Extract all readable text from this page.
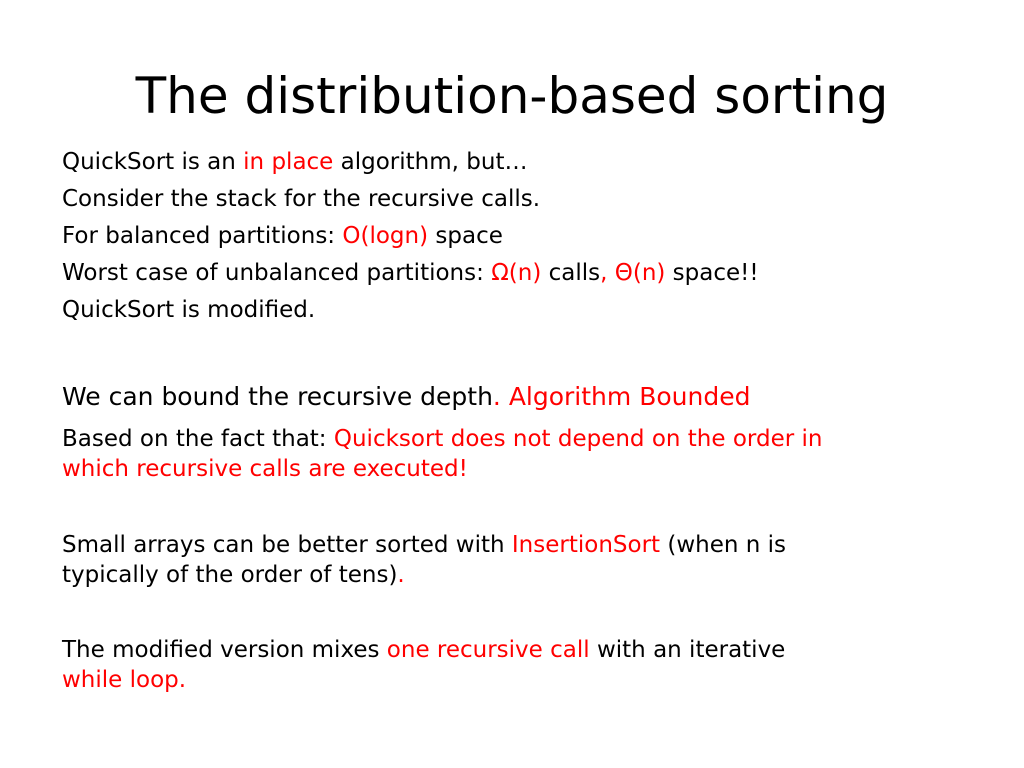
The distribution-based sorting

QuickSort is an in place algorithm, but…

Consider the stack for the recursive calls.

For balanced partitions: O(logn) space

Worst case of unbalanced partitions: Ω(n) calls, Θ(n) space!!

QuickSort is modified.

We can bound the recursive depth. Algorithm Bounded

Based on the fact that: Quicksort does not depend on the order in

which recursive calls are executed!

Small arrays can be better sorted with InsertionSort (when n is

typically of the order of tens).

The modified version mixes one recursive call with an iterative

while loop.
